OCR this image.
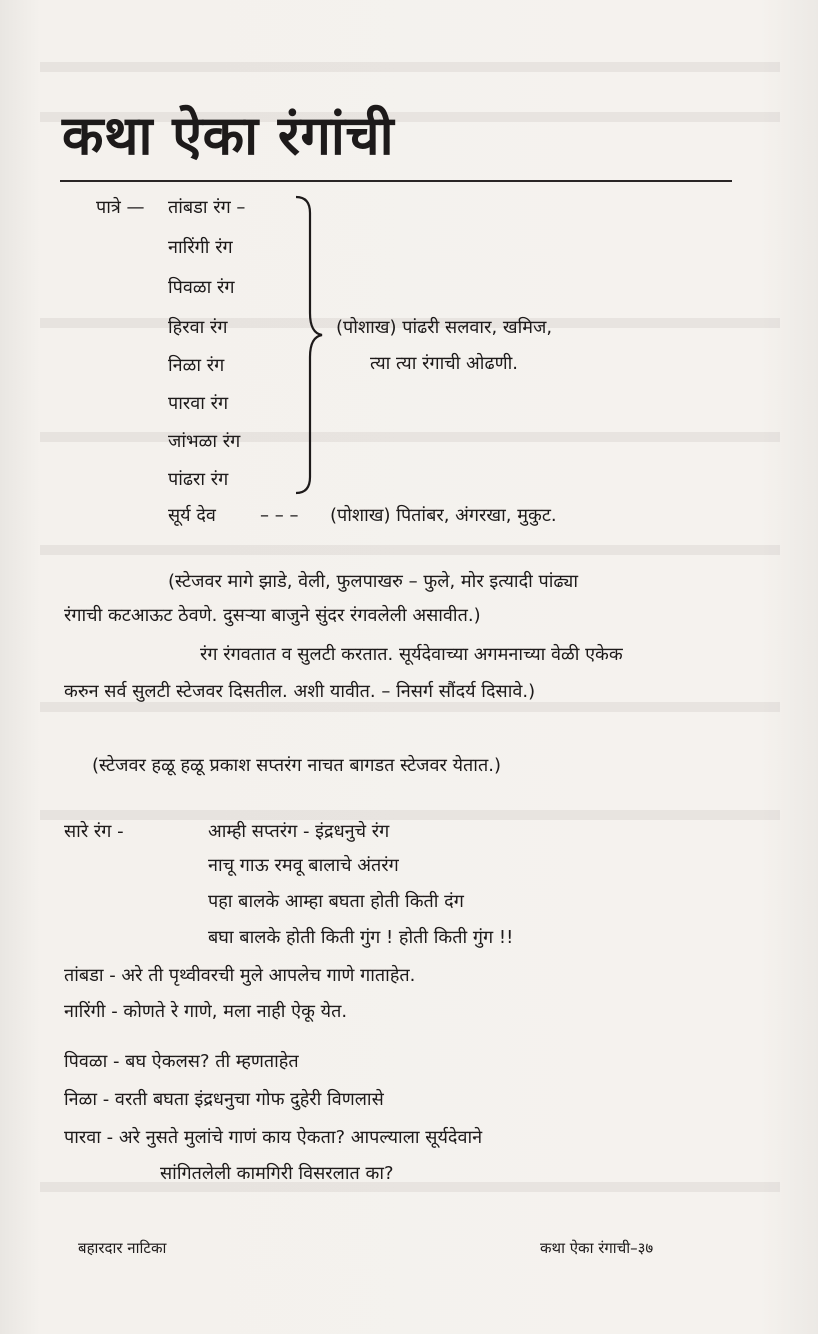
कथा ऐका रंगांची
पात्रे — तांबडा रंग –
नारिंगी रंग
पिवळा रंग
हिरवा रंग
निळा रंग
पारवा रंग
जांभळा रंग
पांढरा रंग
(पोशाख) पांढरी सलवार, खमिज,
त्या त्या रंगाची ओढणी.
सूर्य देव – – – (पोशाख) पितांबर, अंगरखा, मुकुट.
(स्टेजवर मागे झाडे, वेली, फुलपाखरु – फुले, मोर इत्यादी पांढ्या
रंगाची कटआऊट ठेवणे. दुसऱ्या बाजुने सुंदर रंगवलेली असावीत.)
रंग रंगवतात व सुलटी करतात. सूर्यदेवाच्या अगमनाच्या वेळी एकेक
करुन सर्व सुलटी स्टेजवर दिसतील. अशी यावीत. – निसर्ग सौंदर्य दिसावे.)
(स्टेजवर हळू हळू प्रकाश सप्तरंग नाचत बागडत स्टेजवर येतात.)
सारे रंग -	आम्ही सप्तरंग - इंद्रधनुचे रंग
नाचू गाऊ रमवू बालाचे अंतरंग
पहा बालके आम्हा बघता होती किती दंग
बघा बालके होती किती गुंग ! होती किती गुंग !!
तांबडा - अरे ती पृथ्वीवरची मुले आपलेच गाणे गाताहेत.
नारिंगी - कोणते रे गाणे, मला नाही ऐकू येत.
पिवळा - बघ ऐकलस? ती म्हणताहेत
निळा - वरती बघता इंद्रधनुचा गोफ दुहेरी विणलासे
पारवा - अरे नुसते मुलांचे गाणं काय ऐकता? आपल्याला सूर्यदेवाने
सांगितलेली कामगिरी विसरलात का?
बहारदार नाटिका	कथा ऐका रंगाची–३७
